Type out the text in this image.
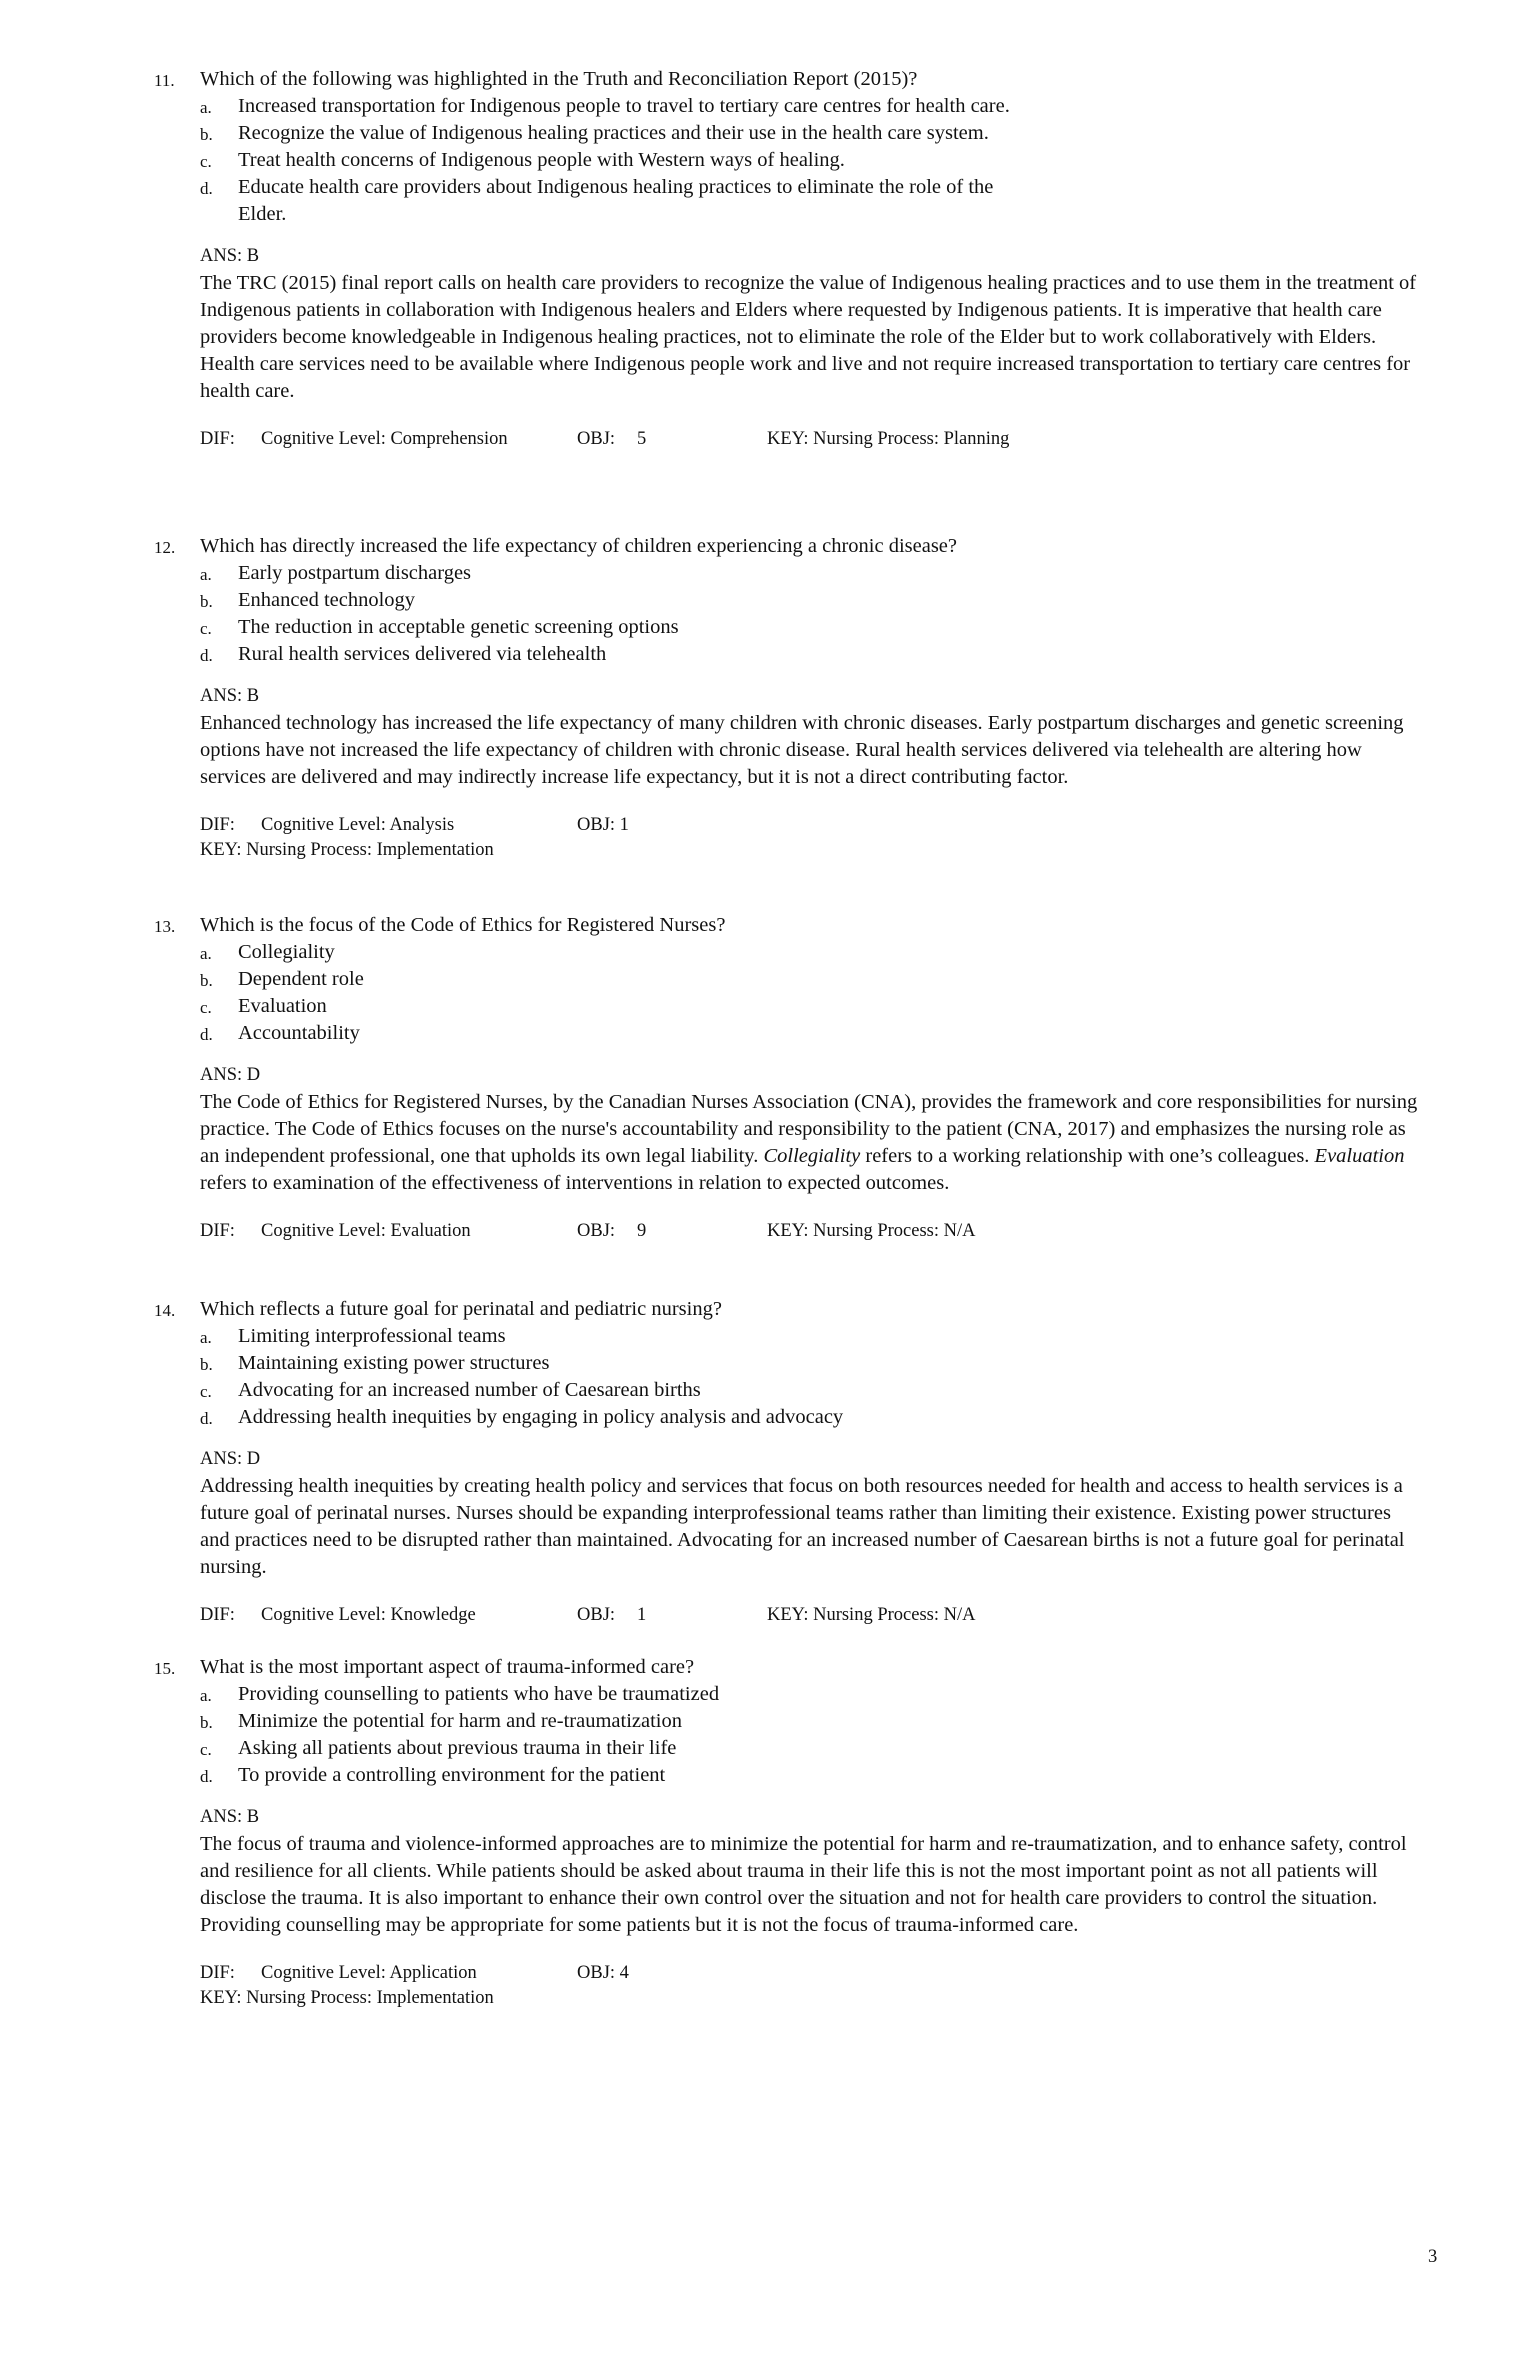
11. Which of the following was highlighted in the Truth and Reconciliation Report (2015)?
a. Increased transportation for Indigenous people to travel to tertiary care centres for health care.
b. Recognize the value of Indigenous healing practices and their use in the health care system.
c. Treat health concerns of Indigenous people with Western ways of healing.
d. Educate health care providers about Indigenous healing practices to eliminate the role of the Elder.
ANS: B

The TRC (2015) final report calls on health care providers to recognize the value of Indigenous healing practices and to use them in the treatment of Indigenous patients in collaboration with Indigenous healers and Elders where requested by Indigenous patients. It is imperative that health care providers become knowledgeable in Indigenous healing practices, not to eliminate the role of the Elder but to work collaboratively with Elders. Health care services need to be available where Indigenous people work and live and not require increased transportation to tertiary care centres for health care.

DIF: Cognitive Level: Comprehension	OBJ: 5	KEY: Nursing Process: Planning
12. Which has directly increased the life expectancy of children experiencing a chronic disease?
a. Early postpartum discharges
b. Enhanced technology
c. The reduction in acceptable genetic screening options
d. Rural health services delivered via telehealth
ANS: B

Enhanced technology has increased the life expectancy of many children with chronic diseases. Early postpartum discharges and genetic screening options have not increased the life expectancy of children with chronic disease. Rural health services delivered via telehealth are altering how services are delivered and may indirectly increase life expectancy, but it is not a direct contributing factor.

DIF: Cognitive Level: Analysis	OBJ: 1
KEY: Nursing Process: Implementation
13. Which is the focus of the Code of Ethics for Registered Nurses?
a. Collegiality
b. Dependent role
c. Evaluation
d. Accountability
ANS: D

The Code of Ethics for Registered Nurses, by the Canadian Nurses Association (CNA), provides the framework and core responsibilities for nursing practice. The Code of Ethics focuses on the nurse's accountability and responsibility to the patient (CNA, 2017) and emphasizes the nursing role as an independent professional, one that upholds its own legal liability. Collegiality refers to a working relationship with one’s colleagues. Evaluation refers to examination of the effectiveness of interventions in relation to expected outcomes.

DIF: Cognitive Level: Evaluation	OBJ: 9	KEY: Nursing Process: N/A
14. Which reflects a future goal for perinatal and pediatric nursing?
a. Limiting interprofessional teams
b. Maintaining existing power structures
c. Advocating for an increased number of Caesarean births
d. Addressing health inequities by engaging in policy analysis and advocacy
ANS: D

Addressing health inequities by creating health policy and services that focus on both resources needed for health and access to health services is a future goal of perinatal nurses. Nurses should be expanding interprofessional teams rather than limiting their existence. Existing power structures and practices need to be disrupted rather than maintained. Advocating for an increased number of Caesarean births is not a future goal for perinatal nursing.

DIF: Cognitive Level: Knowledge	OBJ: 1	KEY: Nursing Process: N/A
15. What is the most important aspect of trauma-informed care?
a. Providing counselling to patients who have be traumatized
b. Minimize the potential for harm and re-traumatization
c. Asking all patients about previous trauma in their life
d. To provide a controlling environment for the patient
ANS: B

The focus of trauma and violence-informed approaches are to minimize the potential for harm and re-traumatization, and to enhance safety, control and resilience for all clients. While patients should be asked about trauma in their life this is not the most important point as not all patients will disclose the trauma. It is also important to enhance their own control over the situation and not for health care providers to control the situation. Providing counselling may be appropriate for some patients but it is not the focus of trauma-informed care.

DIF: Cognitive Level: Application	OBJ: 4
KEY: Nursing Process: Implementation
3
